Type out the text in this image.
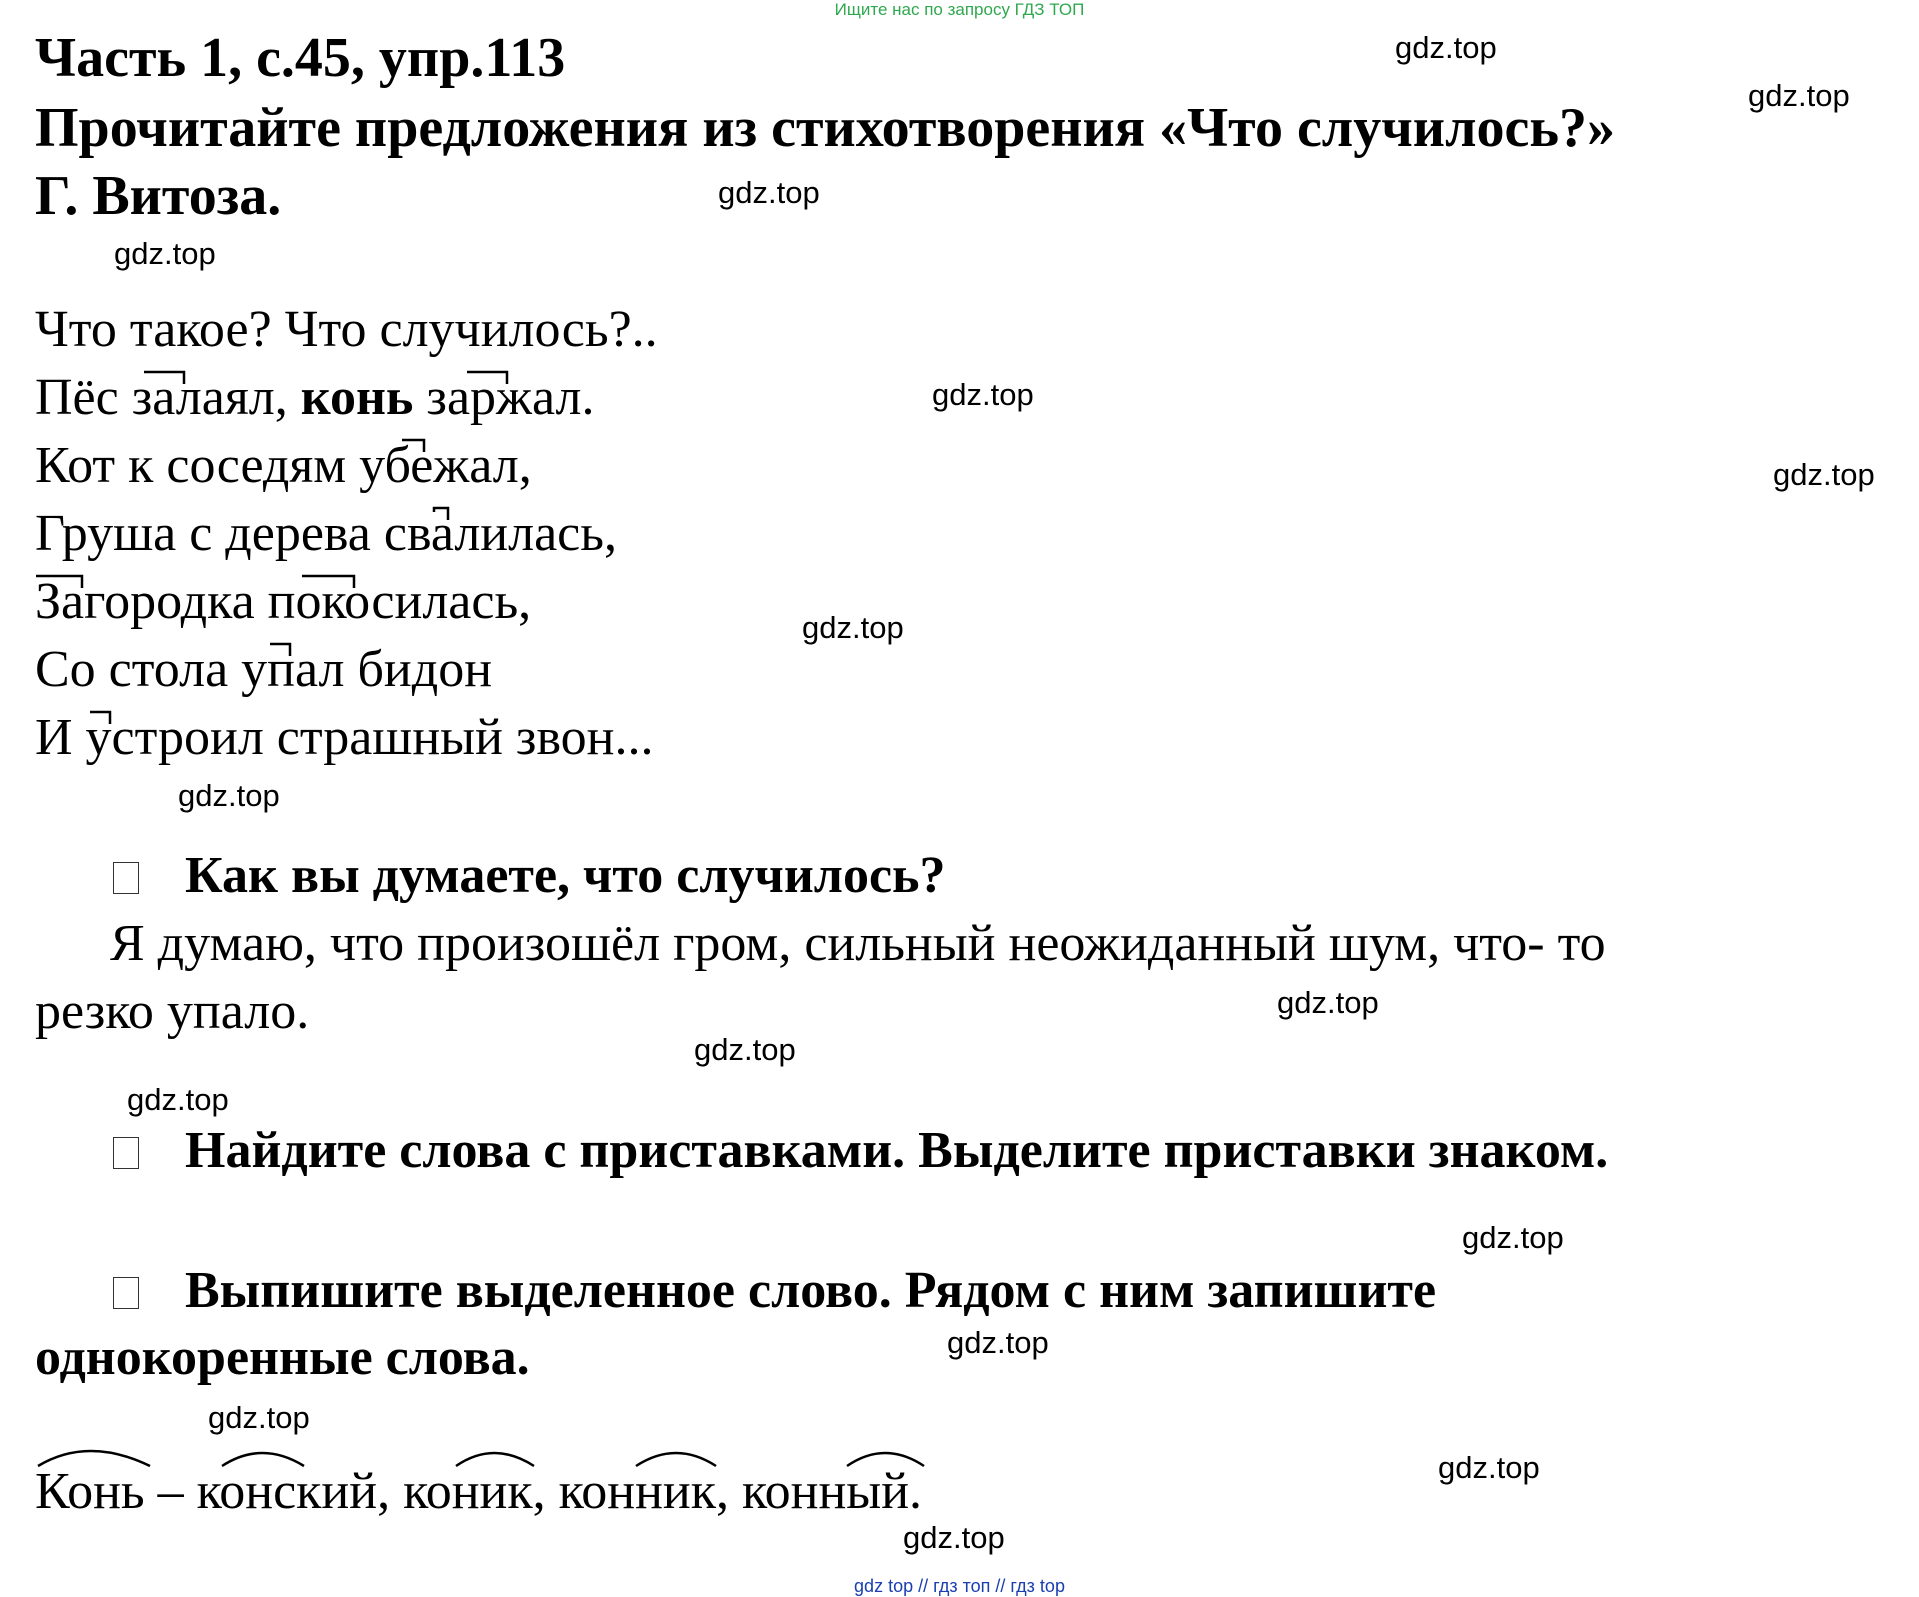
Ищите нас по запросу ГДЗ ТОП
Часть 1, с.45, упр.113
Прочитайте предложения из стихотворения «Что случилось?»
Г. Витоза.
Что такое? Что случилось?..
Пёс залаял, конь заржал.
Кот к соседям убежал,
Груша с дерева свалилась,
Загородка покосилась,
Со стола упал бидон
И устроил страшный звон...
Как вы думаете, что случилось?
Я думаю, что произошёл гром, сильный неожиданный шум, что- то
резко упало.
Найдите слова с приставками. Выделите приставки знаком.
Выпишите выделенное слово. Рядом с ним запишите
однокоренные слова.
Конь – конский, коник, конник, конный.
gdz.top
gdz.top
gdz.top
gdz.top
gdz.top
gdz.top
gdz.top
gdz.top
gdz.top
gdz.top
gdz.top
gdz.top
gdz.top
gdz.top
gdz.top
gdz.top
gdz top // гдз топ // гдз top
